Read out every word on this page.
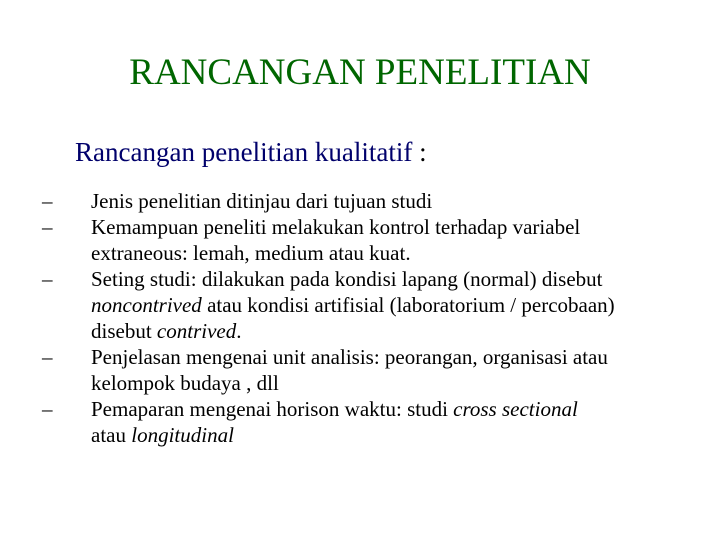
RANCANGAN PENELITIAN
Rancangan penelitian kualitatif :
–	Jenis penelitian ditinjau dari tujuan studi
–	Kemampuan peneliti melakukan kontrol terhadap variabel
extraneous: lemah, medium atau kuat.
–	Seting studi: dilakukan pada kondisi lapang (normal) disebut
noncontrived atau kondisi artifisial (laboratorium / percobaan)
disebut contrived.
–	Penjelasan mengenai unit analisis: peorangan, organisasi atau
kelompok budaya , dll
–	Pemaparan mengenai horison waktu: studi cross sectional
atau longitudinal
